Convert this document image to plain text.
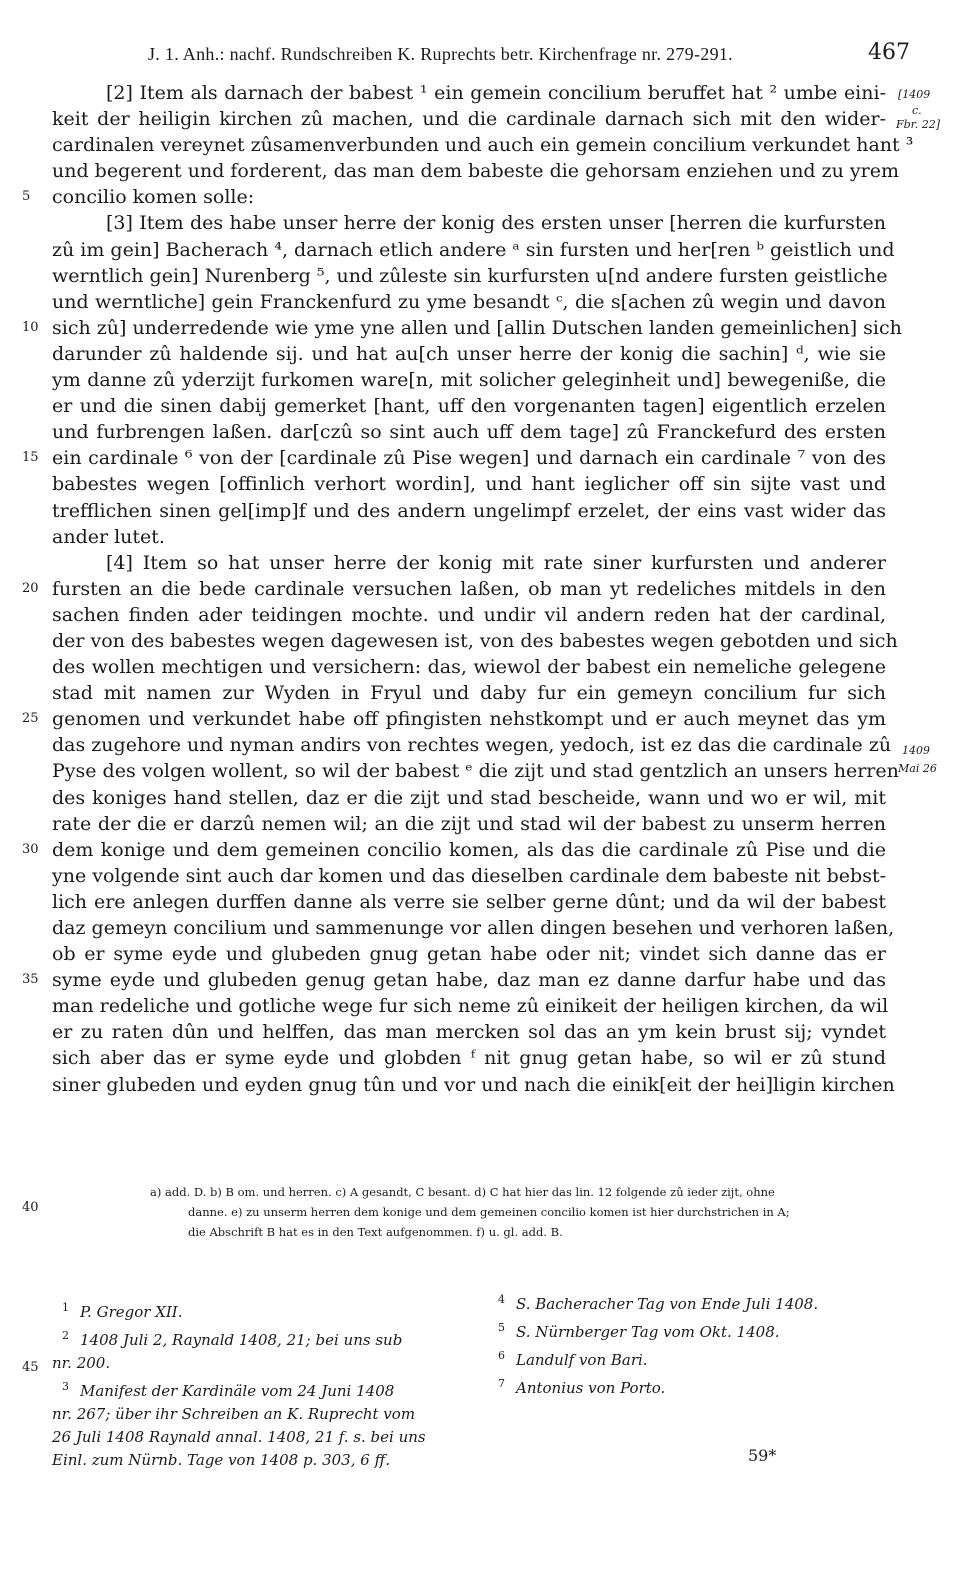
J. 1. Anh.: nachf. Rundschreiben K. Ruprechts betr. Kirchenfrage nr. 279-291.	467
[1409
c.
Fbr. 22]
1409
Mai 26
[2] Item als darnach der babest ¹ ein gemein concilium beruffet hat ² umbe eini-
keit der heiligin kirchen zû machen, und die cardinale darnach sich mit den wider-
cardinalen vereynet zûsamenverbunden und auch ein gemein concilium verkundet hant ³
und begerent und forderent, das man dem babeste die gehorsam enziehen und zu yrem
5	concilio komen solle:
[3] Item des habe unser herre der konig des ersten unser [herren die kurfursten
zû im gein] Bacherach ⁴, darnach etlich andere ᵃ sin fursten und her[ren ᵇ geistlich und
werntlich gein] Nurenberg ⁵, und zûleste sin kurfursten u[nd andere fursten geistliche
und werntliche] gein Franckenfurd zu yme besandt ᶜ, die s[achen zû wegin und davon
10 sich zû] underredende wie yme yne allen und [allin Dutschen landen gemeinlichen] sich
darunder zû haldende sij. und hat au[ch unser herre der konig die sachin] ᵈ, wie sie
ym danne zû yderzijt furkomen ware[n, mit solicher geleginheit und] bewegeniße, die
er und die sinen dabij gemerket [hant, uff den vorgenanten tagen] eigentlich erzelen
und furbrengen laßen. dar[czû so sint auch uff dem tage] zû Franckefurd des ersten
15 ein cardinale ⁶ von der [cardinale zû Pise wegen] und darnach ein cardinale ⁷ von des
babestes wegen [offinlich verhort wordin], und hant ieglicher off sin sijte vast und
trefflichen sinen gel[imp]f und des andern ungelimpf erzelet, der eins vast wider das
ander lutet.
[4] Item so hat unser herre der konig mit rate siner kurfursten und anderer
20 fursten an die bede cardinale versuchen laßen, ob man yt redeliches mitdels in den
sachen finden ader teidingen mochte. und undir vil andern reden hat der cardinal,
der von des babestes wegen dagewesen ist, von des babestes wegen gebotden und sich
des wollen mechtigen und versichern: das, wiewol der babest ein nemeliche gelegene
stad mit namen zur Wyden in Fryul und daby fur ein gemeyn concilium fur sich
25 genomen und verkundet habe off pfingisten nehstkompt und er auch meynet das ym
das zugehore und nyman andirs von rechtes wegen, yedoch, ist ez das die cardinale zû
Pyse des volgen wollent, so wil der babest ᵉ die zijt und stad gentzlich an unsers herren
des koniges hand stellen, daz er die zijt und stad bescheide, wann und wo er wil, mit
rate der die er darzû nemen wil; an die zijt und stad wil der babest zu unserm herren
30 dem konige und dem gemeinen concilio komen, als das die cardinale zû Pise und die
yne volgende sint auch dar komen und das dieselben cardinale dem babeste nit bebst-
lich ere anlegen durffen danne als verre sie selber gerne dûnt; und da wil der babest
daz gemeyn concilium und sammenunge vor allen dingen besehen und verhoren laßen,
ob er syme eyde und glubeden gnug getan habe oder nit; vindet sich danne das er
35 syme eyde und glubeden genug getan habe, daz man ez danne darfur habe und das
man redeliche und gotliche wege fur sich neme zû einikeit der heiligen kirchen, da wil
er zu raten dûn und helffen, das man mercken sol das an ym kein brust sij; vyndet
sich aber das er syme eyde und globden ᶠ nit gnug getan habe, so wil er zû stund
siner glubeden und eyden gnug tûn und vor und nach die einik[eit der hei]ligin kirchen
40
a) add. D. b) B om. und herren. c) A gesandt, C besant. d) C hat hier das lin. 12 folgende zû ieder zijt, ohne
danne. e) zu unserm herren dem konige und dem gemeinen concilio komen ist hier durchstrichen in A;
die Abschrift B hat es in den Text aufgenommen. f) u. gl. add. B.
45
1 P. Gregor XII.
2 1408 Juli 2, Raynald 1408, 21; bei uns sub
nr. 200.
3 Manifest der Kardinäle vom 24 Juni 1408
nr. 267; über ihr Schreiben an K. Ruprecht vom
26 Juli 1408 Raynald annal. 1408, 21 f. s. bei uns
Einl. zum Nürnb. Tage von 1408 p. 303, 6 ff.
4 S. Bacheracher Tag von Ende Juli 1408.
5 S. Nürnberger Tag vom Okt. 1408.
6 Landulf von Bari.
7 Antonius von Porto.
59*
